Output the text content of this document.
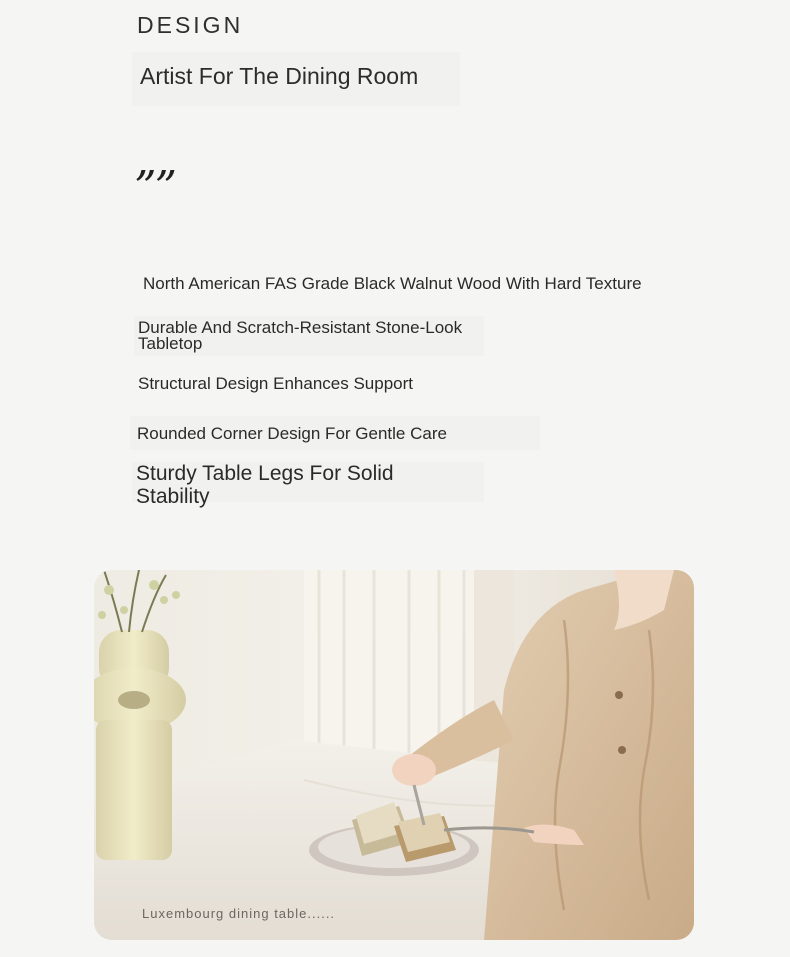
DESIGN
Artist For The Dining Room
””
North American FAS Grade Black Walnut Wood With Hard Texture
Durable And Scratch-Resistant Stone-Look Tabletop
Structural Design Enhances Support
Rounded Corner Design For Gentle Care
Sturdy Table Legs For Solid Stability
Luxembourg dining table......
